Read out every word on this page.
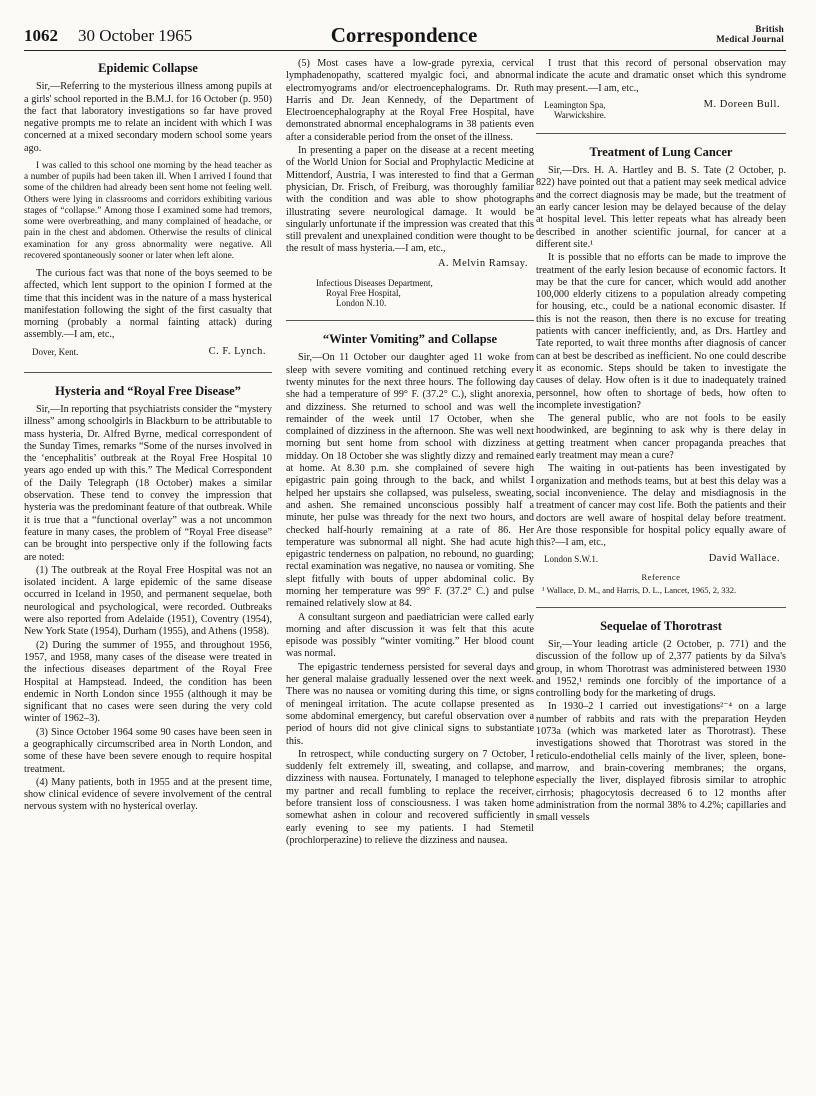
1062 30 October 1965	Correspondence	British
Medical Journal
Epidemic Collapse

Sir,—Referring to the mysterious illness among pupils at a girls' school reported in the B.M.J. for 16 October (p. 950) the fact that laboratory investigations so far have proved negative prompts me to relate an incident with which I was concerned at a mixed secondary modern school some years ago.

I was called to this school one morning by the head teacher as a number of pupils had been taken ill. When I arrived I found that some of the children had already been sent home not feeling well. Others were lying in classrooms and corridors exhibiting various stages of “collapse.” Among those I examined some had tremors, some were overbreathing, and many complained of headache, or pain in the chest and abdomen. Otherwise the results of clinical examination for any gross abnormality were negative. All recovered spontaneously sooner or later when left alone.

The curious fact was that none of the boys seemed to be affected, which lent support to the opinion I formed at the time that this incident was in the nature of a mass hysterical manifestation following the sight of the first casualty that morning (probably a normal fainting attack) during assembly.—I am, etc.,

Dover, Kent.	C. F. Lynch.
Hysteria and “Royal Free Disease”

Sir,—In reporting that psychiatrists consider the “mystery illness” among schoolgirls in Blackburn to be attributable to mass hysteria, Dr. Alfred Byrne, medical correspondent of the Sunday Times, remarks “Some of the nurses involved in the ‘encephalitis’ outbreak at the Royal Free Hospital 10 years ago ended up with this.” The Medical Correspondent of the Daily Telegraph (18 October) makes a similar observation. These tend to convey the impression that hysteria was the predominant feature of that outbreak. While it is true that a “functional overlay” was a not uncommon feature in many cases, the problem of “Royal Free disease” can be brought into perspective only if the following facts are noted:

(1) The outbreak at the Royal Free Hospital was not an isolated incident. A large epidemic of the same disease occurred in Iceland in 1950, and permanent sequelae, both neurological and psychological, were recorded. Outbreaks were also reported from Adelaide (1951), Coventry (1954), New York State (1954), Durham (1955), and Athens (1958).

(2) During the summer of 1955, and throughout 1956, 1957, and 1958, many cases of the disease were treated in the infectious diseases department of the Royal Free Hospital at Hampstead. Indeed, the condition has been endemic in North London since 1955 (although it may be significant that no cases were seen during the very cold winter of 1962–3).

(3) Since October 1964 some 90 cases have been seen in a geographically circumscribed area in North London, and some of these have been severe enough to require hospital treatment.

(4) Many patients, both in 1955 and at the present time, show clinical evidence of severe involvement of the central nervous system with no hysterical overlay.

(5) Most cases have a low-grade pyrexia, cervical lymphadenopathy, scattered myalgic foci, and abnormal electromyograms and/or electroencephalograms. Dr. Ruth Harris and Dr. Jean Kennedy, of the Department of Electroencephalography at the Royal Free Hospital, have demonstrated abnormal encephalograms in 38 patients even after a considerable period from the onset of the illness.

In presenting a paper on the disease at a recent meeting of the World Union for Social and Prophylactic Medicine at Mittendorf, Austria, I was interested to find that a German physician, Dr. Frisch, of Freiburg, was thoroughly familiar with the condition and was able to show photographs illustrating severe neurological damage. It would be singularly unfortunate if the impression was created that this still prevalent and unexplained condition were thought to be the result of mass hysteria.—I am, etc.,

A. Melvin Ramsay.
Infectious Diseases Department,
Royal Free Hospital,
London N.10.
“Winter Vomiting” and Collapse

Sir,—On 11 October our daughter aged 11 woke from sleep with severe vomiting and continued retching every twenty minutes for the next three hours. The following day she had a temperature of 99° F. (37.2° C.), slight anorexia, and dizziness. She returned to school and was well the remainder of the week until 17 October, when she complained of dizziness in the afternoon. She was well next morning but sent home from school with dizziness at midday. On 18 October she was slightly dizzy and remained at home. At 8.30 p.m. she complained of severe high epigastric pain going through to the back, and whilst I helped her upstairs she collapsed, was pulseless, sweating, and ashen. She remained unconscious possibly half a minute, her pulse was thready for the next two hours, and checked half-hourly remaining at a rate of 86. Her temperature was subnormal all night. She had acute high epigastric tenderness on palpation, no rebound, no guarding; rectal examination was negative, no nausea or vomiting. She slept fitfully with bouts of upper abdominal colic. By morning her temperature was 99° F. (37.2° C.) and pulse remained relatively slow at 84.

A consultant surgeon and paediatrician were called early morning and after discussion it was felt that this acute episode was possibly “winter vomiting.” Her blood count was normal.

The epigastric tenderness persisted for several days and her general malaise gradually lessened over the next week. There was no nausea or vomiting during this time, or signs of meningeal irritation. The acute collapse presented as some abdominal emergency, but careful observation over a period of hours did not give clinical signs to substantiate this.

In retrospect, while conducting surgery on 7 October, I suddenly felt extremely ill, sweating, and collapse, and dizziness with nausea. Fortunately, I managed to telephone my partner and recall fumbling to replace the receiver, before transient loss of consciousness. I was taken home somewhat ashen in colour and recovered sufficiently in early evening to see my patients. I had Stemetil (prochlorperazine) to relieve the dizziness and nausea.

I trust that this record of personal observation may indicate the acute and dramatic onset which this syndrome may present.—I am, etc.,

Leamington Spa,
Warwickshire.
M. Doreen Bull.
Treatment of Lung Cancer

Sir,—Drs. H. A. Hartley and B. S. Tate (2 October, p. 822) have pointed out that a patient may seek medical advice and the correct diagnosis may be made, but the treatment of an early cancer lesion may be delayed because of the delay at hospital level. This letter repeats what has already been described in another scientific journal, for cancer at a different site.¹

It is possible that no efforts can be made to improve the treatment of the early lesion because of economic factors. It may be that the cure for cancer, which would add another 100,000 elderly citizens to a population already competing for housing, etc., could be a national economic disaster. If this is not the reason, then there is no excuse for treating patients with cancer inefficiently, and, as Drs. Hartley and Tate reported, to wait three months after diagnosis of cancer can at best be described as inefficient. No one could describe it as economic. Steps should be taken to investigate the causes of delay. How often is it due to inadequately trained personnel, how often to shortage of beds, how often to incomplete investigation?

The general public, who are not fools to be easily hoodwinked, are beginning to ask why is there delay in getting treatment when cancer propaganda preaches that early treatment may mean a cure?

The waiting in out-patients has been investigated by organization and methods teams, but at best this delay was a social inconvenience. The delay and misdiagnosis in the treatment of cancer may cost life. Both the patients and their doctors are well aware of hospital delay before treatment. Are those responsible for hospital policy equally aware of this?—I am, etc.,

London S.W.1.	David Wallace.
Reference
¹ Wallace, D. M., and Harris, D. L., Lancet, 1965, 2, 332.
Sequelae of Thorotrast

Sir,—Your leading article (2 October, p. 771) and the discussion of the follow up of 2,377 patients by da Silva's group, in whom Thorotrast was administered between 1930 and 1952,¹ reminds one forcibly of the importance of a controlling body for the marketing of drugs.

In 1930–2 I carried out investigations²⁻⁴ on a large number of rabbits and rats with the preparation Heyden 1073a (which was marketed later as Thorotrast). These investigations showed that Thorotrast was stored in the reticulo-endothelial cells mainly of the liver, spleen, bone-marrow, and brain-covering membranes; the organs, especially the liver, displayed fibrosis similar to atrophic cirrhosis; phagocytosis decreased 6 to 12 months after administration from the normal 38% to 4.2%; capillaries and small vessels
